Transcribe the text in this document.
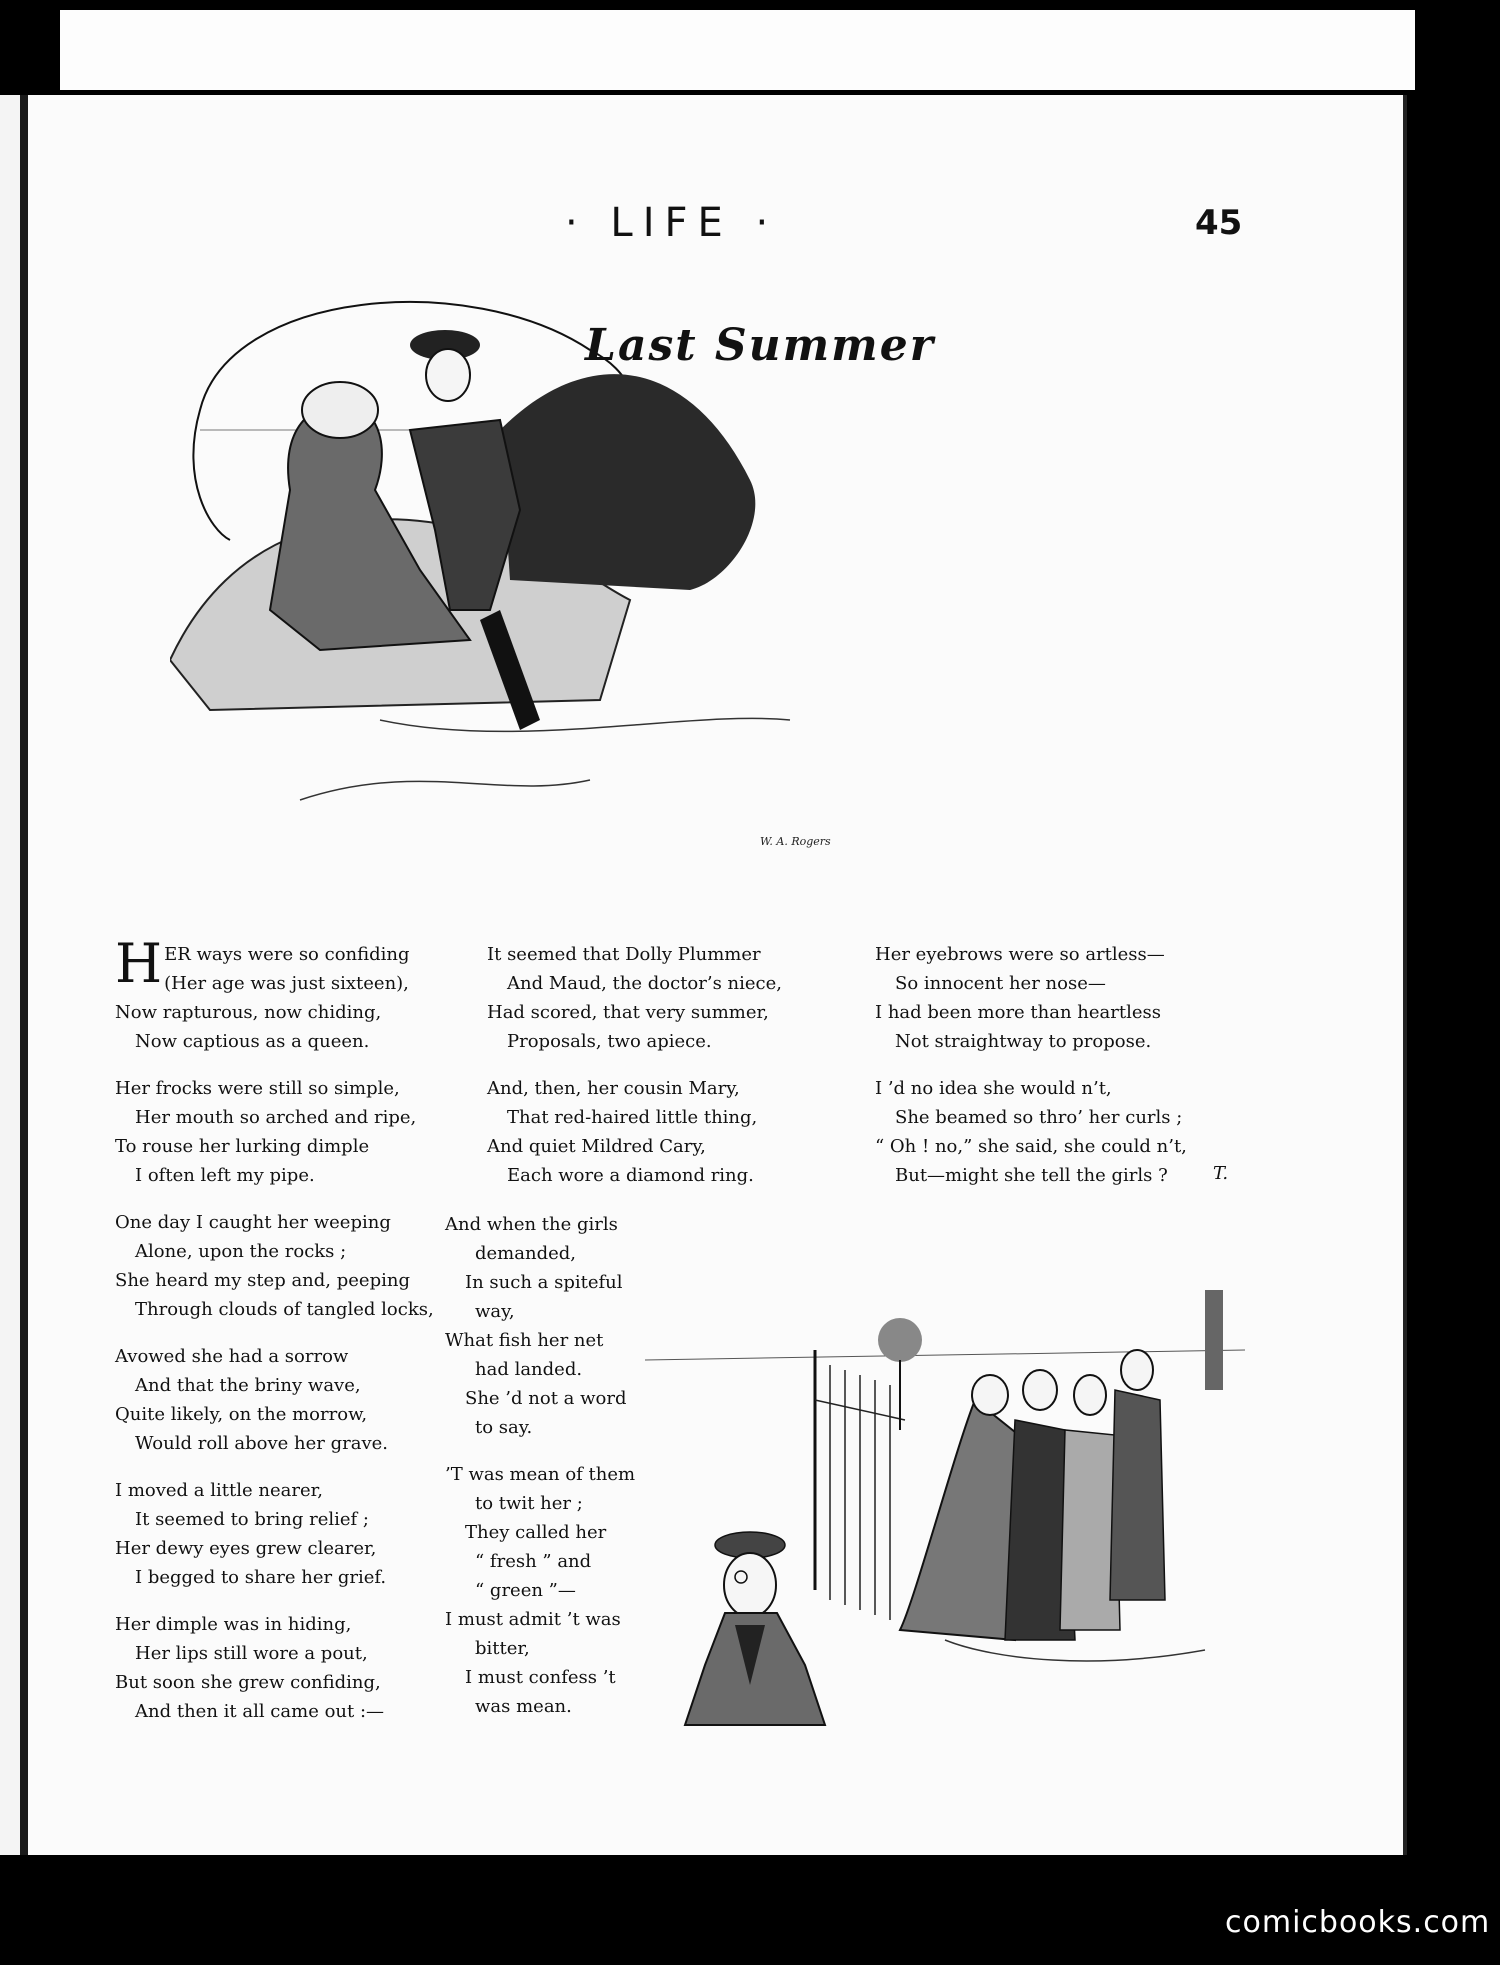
· LIFE ·	45
Last Summer
W. A. Rogers
HER ways were so confiding
(Her age was just sixteen),
Now rapturous, now chiding,
Now captious as a queen.
Her frocks were still so simple,
Her mouth so arched and ripe,
To rouse her lurking dimple
I often left my pipe.
One day I caught her weeping
Alone, upon the rocks ;
She heard my step and, peeping
Through clouds of tangled locks,
Avowed she had a sorrow
And that the briny wave,
Quite likely, on the morrow,
Would roll above her grave.
I moved a little nearer,
It seemed to bring relief ;
Her dewy eyes grew clearer,
I begged to share her grief.
Her dimple was in hiding,
Her lips still wore a pout,
But soon she grew confiding,
And then it all came out :—
It seemed that Dolly Plummer
And Maud, the doctor’s niece,
Had scored, that very summer,
Proposals, two apiece.
And, then, her cousin Mary,
That red-haired little thing,
And quiet Mildred Cary,
Each wore a diamond ring.
And when the girls
demanded,
In such a spiteful
way,
What fish her net
had landed.
She ’d not a word
to say.
’T was mean of them
to twit her ;
They called her
“ fresh ” and
“ green ”—
I must admit ’t was
bitter,
I must confess ’t
was mean.
Her eyebrows were so artless—
So innocent her nose—
I had been more than heartless
Not straightway to propose.
I ’d no idea she would n’t,
She beamed so thro’ her curls ;
“ Oh ! no,” she said, she could n’t,
But—might she tell the girls ?	T.
comicbooks.com
